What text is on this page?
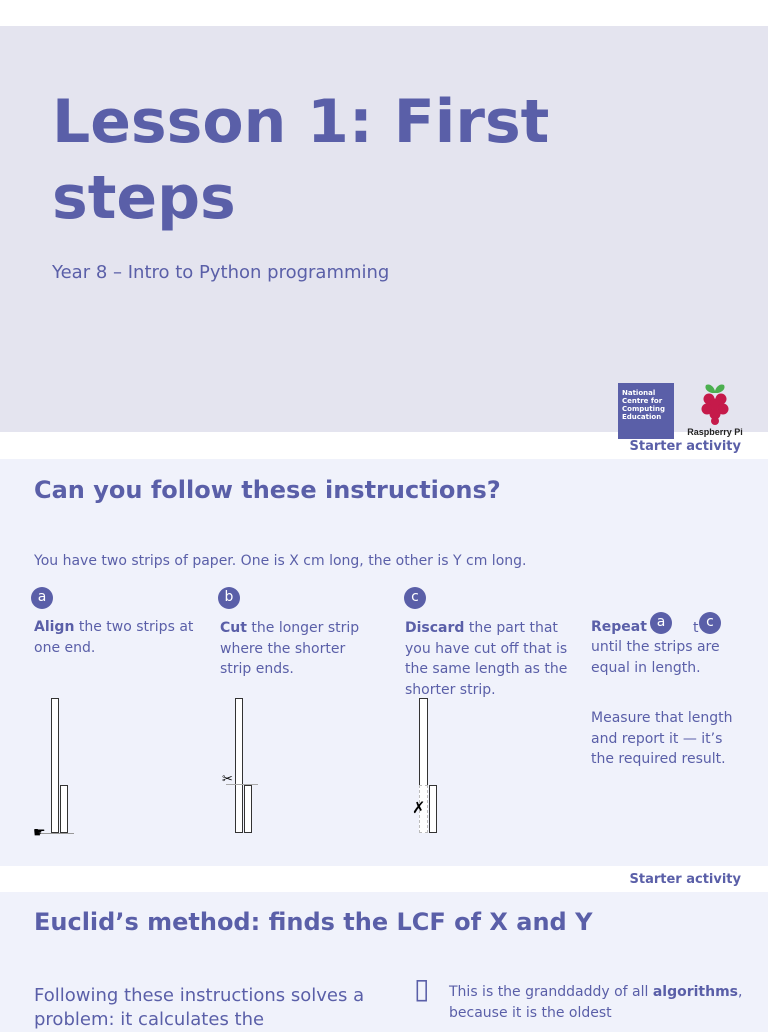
Lesson 1: First steps
Year 8 – Intro to Python programming
National
Centre for
Computing
Education
Raspberry Pi
Starter activity
Can you follow these instructions?
You have two strips of paper. One is X cm long, the other is Y cm long.
a
Align the two strips at one end.
☛
b
Cut the longer strip where the shorter strip ends.
✂
c
Discard the part that you have cut off that is the same length as the shorter strip.
✗
Repeat a	t c
until the strips are equal in length.
Measure that length and report it — it’s the required result.
Starter activity
Euclid’s method: finds the LCF of X and Y
Following these instructions solves a problem: it calculates the
▯ This is the granddaddy of all algorithms, because it is the oldest
